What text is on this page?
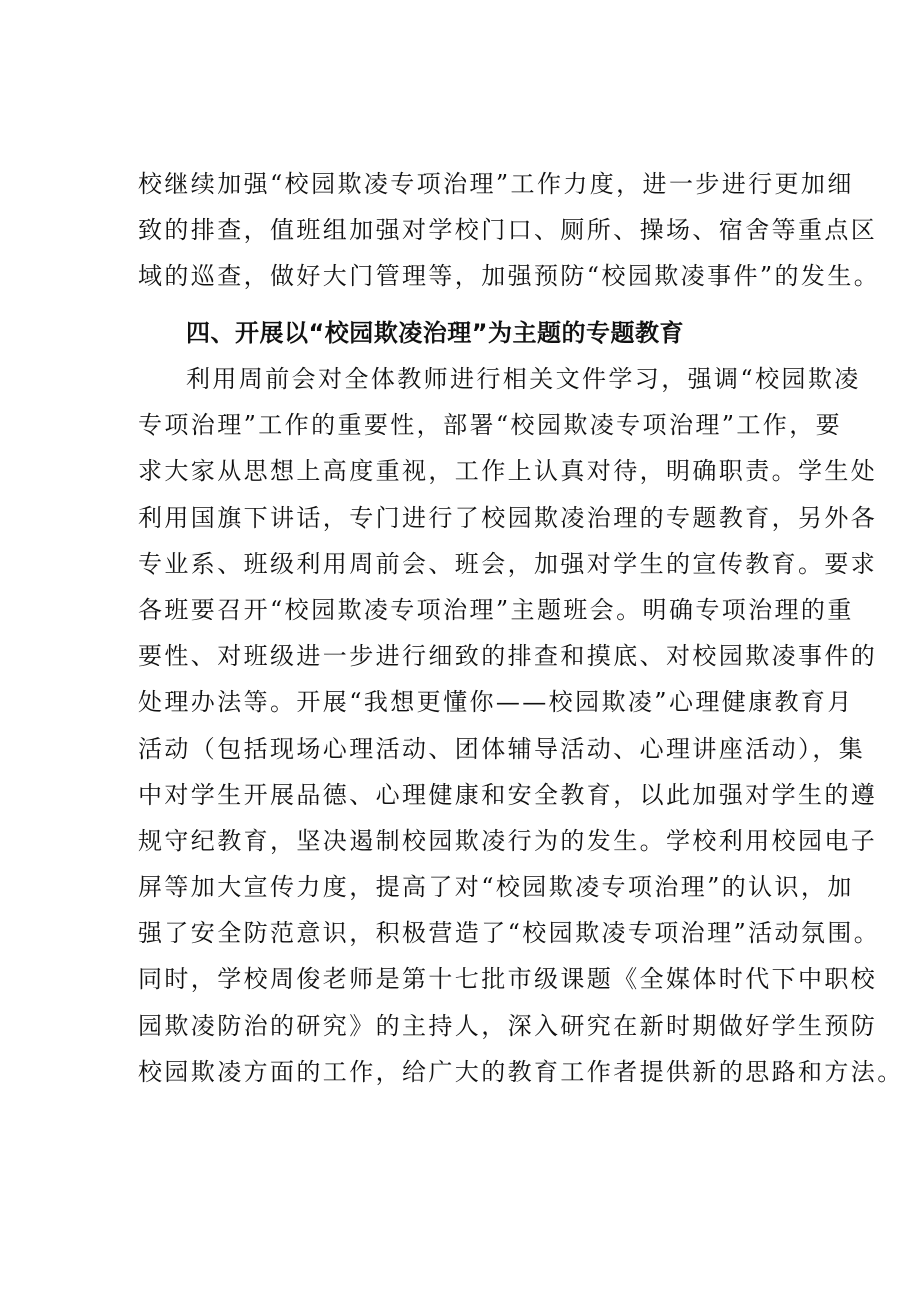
校继续加强“校园欺凌专项治理”工作力度，进一步进行更加细
致的排查，值班组加强对学校门口、厕所、操场、宿舍等重点区
域的巡查，做好大门管理等，加强预防“校园欺凌事件”的发生。
四、开展以“校园欺凌治理”为主题的专题教育
利用周前会对全体教师进行相关文件学习，强调“校园欺凌
专项治理”工作的重要性，部署“校园欺凌专项治理”工作，要
求大家从思想上高度重视，工作上认真对待，明确职责。学生处
利用国旗下讲话，专门进行了校园欺凌治理的专题教育，另外各
专业系、班级利用周前会、班会，加强对学生的宣传教育。要求
各班要召开“校园欺凌专项治理”主题班会。明确专项治理的重
要性、对班级进一步进行细致的排查和摸底、对校园欺凌事件的
处理办法等。开展“我想更懂你——校园欺凌”心理健康教育月
活动（包括现场心理活动、团体辅导活动、心理讲座活动），集
中对学生开展品德、心理健康和安全教育，以此加强对学生的遵
规守纪教育，坚决遏制校园欺凌行为的发生。学校利用校园电子
屏等加大宣传力度，提高了对“校园欺凌专项治理”的认识，加
强了安全防范意识，积极营造了“校园欺凌专项治理”活动氛围。
同时，学校周俊老师是第十七批市级课题《全媒体时代下中职校
园欺凌防治的研究》的主持人，深入研究在新时期做好学生预防
校园欺凌方面的工作，给广大的教育工作者提供新的思路和方法。
